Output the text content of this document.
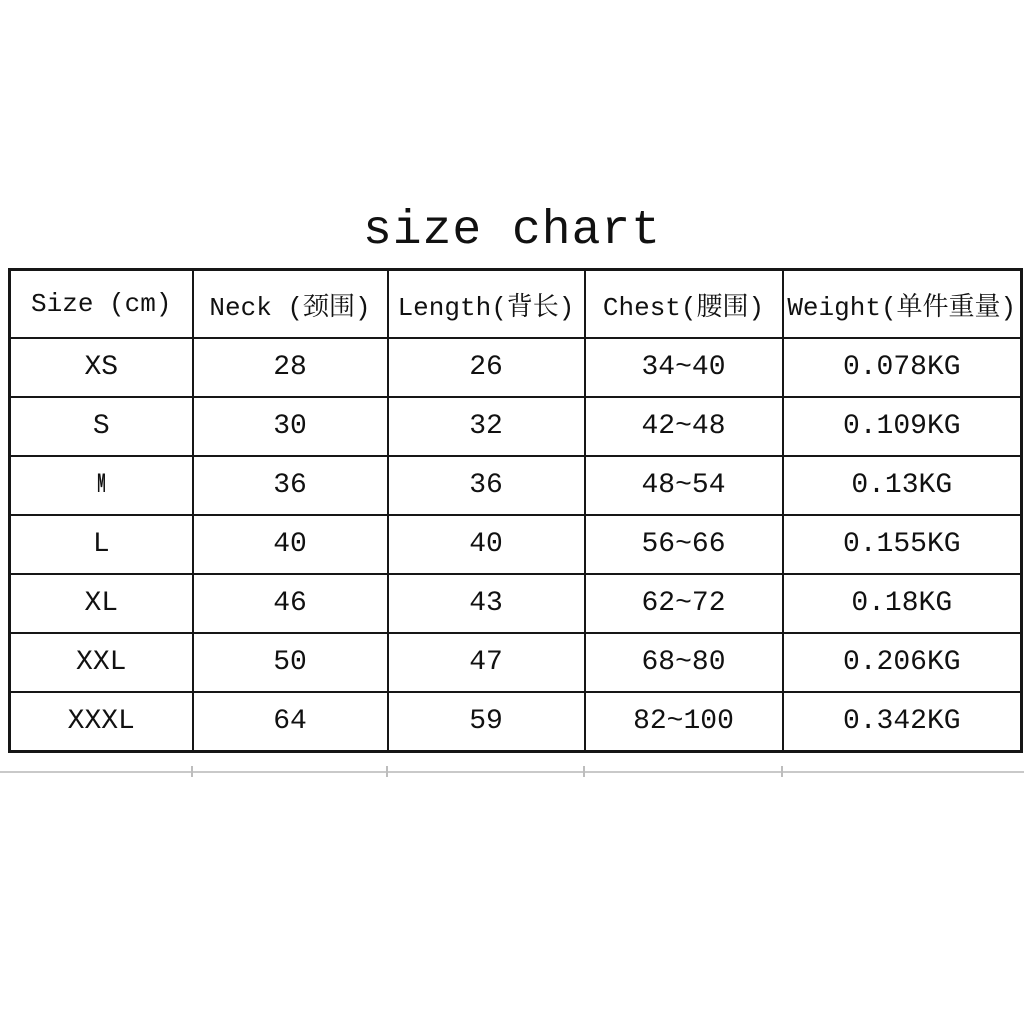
size chart
Size (cm)	Neck (颈围)	Length(背长)	Chest(腰围)	Weight(单件重量)
XS	28	26	34~40	0.078KG
S	30	32	42~48	0.109KG
M	36	36	48~54	0.13KG
L	40	40	56~66	0.155KG
XL	46	43	62~72	0.18KG
XXL	50	47	68~80	0.206KG
XXXL	64	59	82~100	0.342KG
